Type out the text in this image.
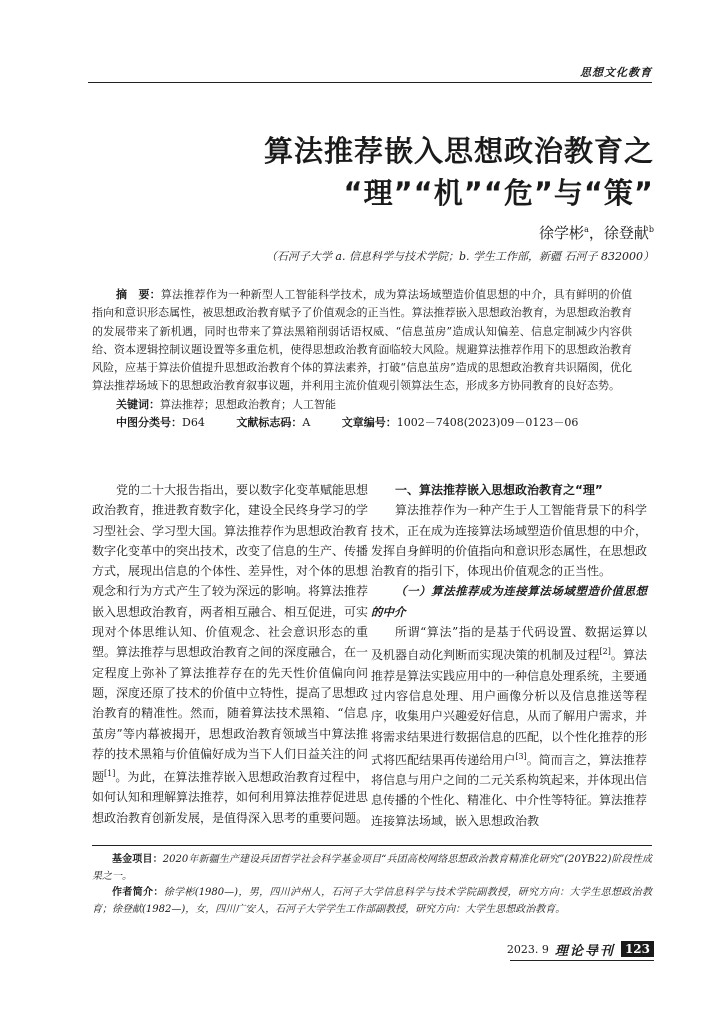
思想文化教育
算法推荐嵌入思想政治教育之
“理”“机”“危”与“策”
徐学彬$^a$，徐登献$^b$
（石河子大学 a. 信息科学与技术学院；b. 学生工作部，新疆 石河子 832000）

摘　要：算法推荐作为一种新型人工智能科学技术，成为算法场域塑造价值思想的中介，具有鲜明的价值指向和意识形态属性，被思想政治教育赋予了价值观念的正当性。算法推荐嵌入思想政治教育，为思想政治教育的发展带来了新机遇，同时也带来了算法黑箱削弱话语权威、“信息茧房”造成认知偏差、信息定制减少内容供给、资本逻辑控制议题设置等多重危机，使得思想政治教育面临较大风险。规避算法推荐作用下的思想政治教育风险，应基于算法价值提升思想政治教育个体的算法素养，打破“信息茧房”造成的思想政治教育共识隔阂，优化算法推荐场域下的思想政治教育叙事议题，并利用主流价值观引领算法生态，形成多方协同教育的良好态势。

关键词：算法推荐；思想政治教育；人工智能

中图分类号：D64	文献标志码：A	文章编号：1002－7408(2023)09－0123－06

党的二十大报告指出，要以数字化变革赋能思想政治教育，推进教育数字化，建设全民终身学习的学习型社会、学习型大国。算法推荐作为思想政治教育数字化变革中的突出技术，改变了信息的生产、传播方式，展现出信息的个体性、差异性，对个体的思想观念和行为方式产生了较为深远的影响。将算法推荐嵌入思想政治教育，两者相互融合、相互促进，可实现对个体思维认知、价值观念、社会意识形态的重塑。算法推荐与思想政治教育之间的深度融合，在一定程度上弥补了算法推荐存在的先天性价值偏向问题，深度还原了技术的价值中立特性，提高了思想政治教育的精准性。然而，随着算法技术黑箱、“信息茧房”等内幕被揭开，思想政治教育领域当中算法推荐的技术黑箱与价值偏好成为当下人们日益关注的问题[1]。为此，在算法推荐嵌入思想政治教育过程中，如何认知和理解算法推荐，如何利用算法推荐促进思想政治教育创新发展，是值得深入思考的重要问题。

一、算法推荐嵌入思想政治教育之“理”

算法推荐作为一种产生于人工智能背景下的科学技术，正在成为连接算法场域塑造价值思想的中介，发挥自身鲜明的价值指向和意识形态属性，在思想政治教育的指引下，体现出价值观念的正当性。

（一）算法推荐成为连接算法场域塑造价值思想的中介

所谓“算法”指的是基于代码设置、数据运算以及机器自动化判断而实现决策的机制及过程[2]。算法推荐是算法实践应用中的一种信息处理系统，主要通过内容信息处理、用户画像分析以及信息推送等程序，收集用户兴趣爱好信息，从而了解用户需求，并将需求结果进行数据信息的匹配，以个性化推荐的形式将匹配结果再传递给用户[3]。简而言之，算法推荐将信息与用户之间的二元关系构筑起来，并体现出信息传播的个性化、精准化、中介性等特征。算法推荐连接算法场域，嵌入思想政治教

基金项目：2020年新疆生产建设兵团哲学社会科学基金项目“兵团高校网络思想政治教育精准化研究”(20YB22)阶段性成果之一。

作者简介：徐学彬(1980—)，男，四川泸州人，石河子大学信息科学与技术学院副教授，研究方向：大学生思想政治教育；徐登献(1982—)，女，四川广安人，石河子大学学生工作部副教授，研究方向：大学生思想政治教育。

2023. 9 理论导刊 123
